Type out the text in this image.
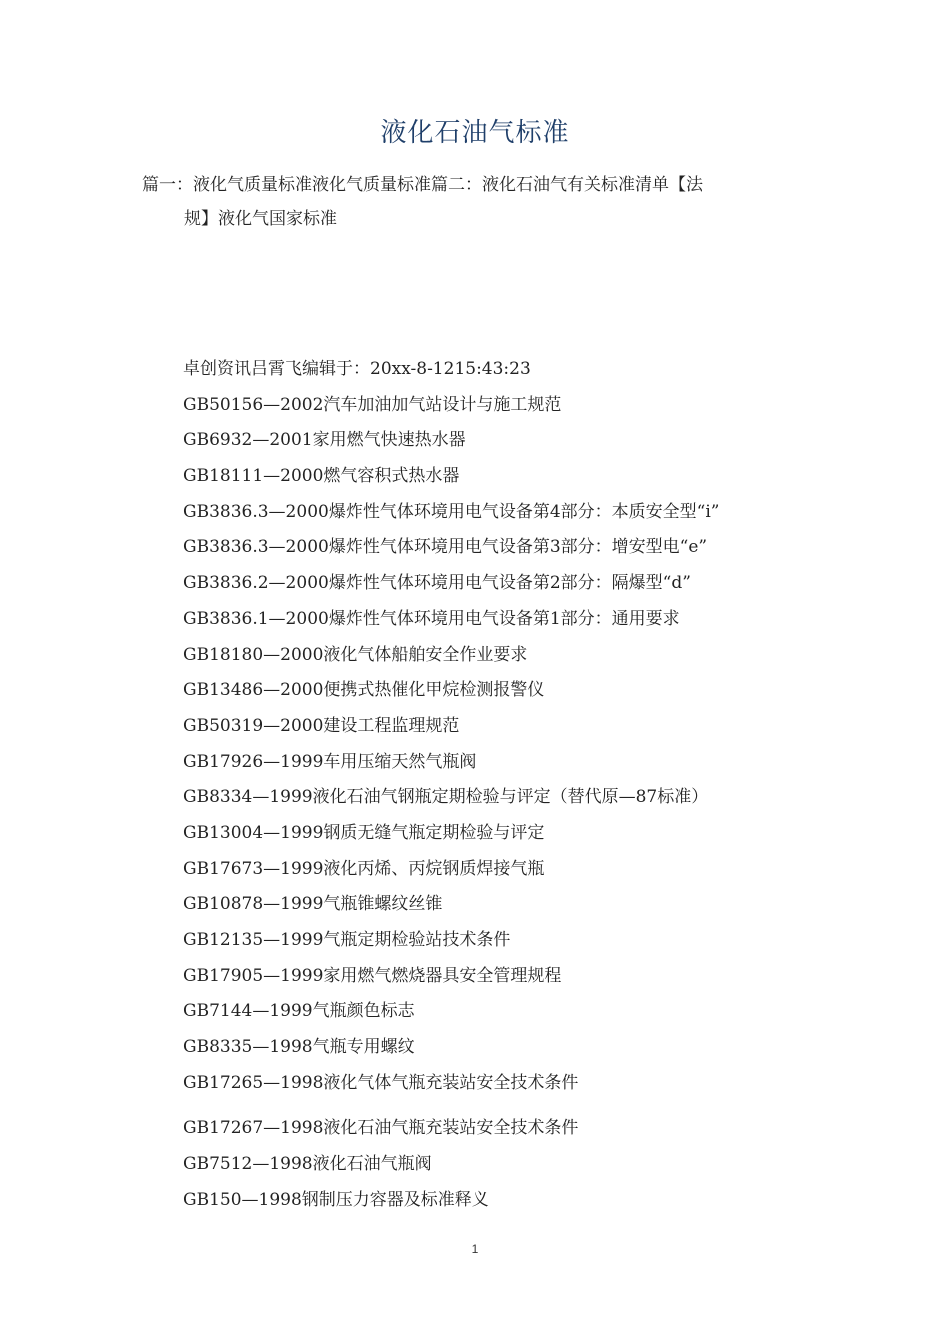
液化石油气标准
篇一：液化气质量标准液化气质量标准篇二：液化石油气有关标准清单【法
规】液化气国家标准
卓创资讯吕霄飞编辑于：20xx-8-1215:43:23
GB50156—2002汽车加油加气站设计与施工规范
GB6932—2001家用燃气快速热水器
GB18111—2000燃气容积式热水器
GB3836.3—2000爆炸性气体环境用电气设备第4部分：本质安全型“i”
GB3836.3—2000爆炸性气体环境用电气设备第3部分：增安型电“e”
GB3836.2—2000爆炸性气体环境用电气设备第2部分：隔爆型“d”
GB3836.1—2000爆炸性气体环境用电气设备第1部分：通用要求
GB18180—2000液化气体船舶安全作业要求
GB13486—2000便携式热催化甲烷检测报警仪
GB50319—2000建设工程监理规范
GB17926—1999车用压缩天然气瓶阀
GB8334—1999液化石油气钢瓶定期检验与评定（替代原—87标准）
GB13004—1999钢质无缝气瓶定期检验与评定
GB17673—1999液化丙烯、丙烷钢质焊接气瓶
GB10878—1999气瓶锥螺纹丝锥
GB12135—1999气瓶定期检验站技术条件
GB17905—1999家用燃气燃烧器具安全管理规程
GB7144—1999气瓶颜色标志
GB8335—1998气瓶专用螺纹
GB17265—1998液化气体气瓶充装站安全技术条件
GB17267—1998液化石油气瓶充装站安全技术条件
GB7512—1998液化石油气瓶阀
GB150—1998钢制压力容器及标准释义
1
